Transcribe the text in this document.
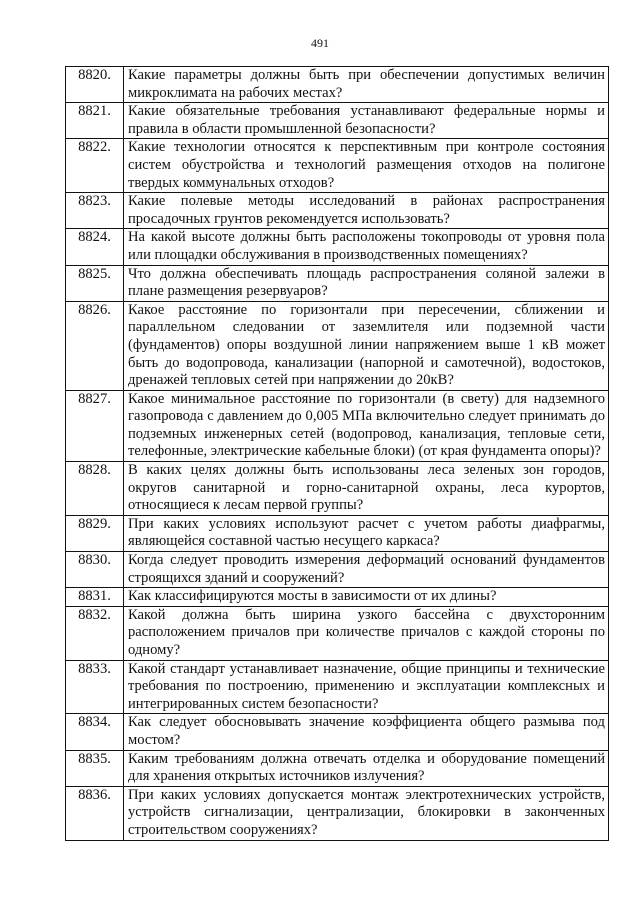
491
8820.	Какие параметры должны быть при обеспечении допустимых величин микроклимата на рабочих местах?
8821.	Какие обязательные требования устанавливают федеральные нормы и правила в области промышленной безопасности?
8822.	Какие технологии относятся к перспективным при контроле состояния систем обустройства и технологий размещения отходов на полигоне твердых коммунальных отходов?
8823.	Какие полевые методы исследований в районах распространения просадочных грунтов рекомендуется использовать?
8824.	На какой высоте должны быть расположены токопроводы от уровня пола или площадки обслуживания в производственных помещениях?
8825.	Что должна обеспечивать площадь распространения соляной залежи в плане размещения резервуаров?
8826.	Какое расстояние по горизонтали при пересечении, сближении и параллельном следовании от заземлителя или подземной части (фундаментов) опоры воздушной линии напряжением выше 1 кВ может быть до водопровода, канализации (напорной и самотечной), водостоков, дренажей тепловых сетей при напряжении до 20кВ?
8827.	Какое минимальное расстояние по горизонтали (в свету) для надземного газопровода с давлением до 0,005 МПа включительно следует принимать до подземных инженерных сетей (водопровод, канализация, тепловые сети, телефонные, электрические кабельные блоки) (от края фундамента опоры)?
8828.	В каких целях должны быть использованы леса зеленых зон городов, округов санитарной и горно-санитарной охраны, леса курортов, относящиеся к лесам первой группы?
8829.	При каких условиях используют расчет с учетом работы диафрагмы, являющейся составной частью несущего каркаса?
8830.	Когда следует проводить измерения деформаций оснований фундаментов строящихся зданий и сооружений?
8831.	Как классифицируются мосты в зависимости от их длины?
8832.	Какой должна быть ширина узкого бассейна с двухсторонним расположением причалов при количестве причалов с каждой стороны по одному?
8833.	Какой стандарт устанавливает назначение, общие принципы и технические требования по построению, применению и эксплуатации комплексных и интегрированных систем безопасности?
8834.	Как следует обосновывать значение коэффициента общего размыва под мостом?
8835.	Каким требованиям должна отвечать отделка и оборудование помещений для хранения открытых источников излучения?
8836.	При каких условиях допускается монтаж электротехнических устройств, устройств сигнализации, централизации, блокировки в законченных строительством сооружениях?
